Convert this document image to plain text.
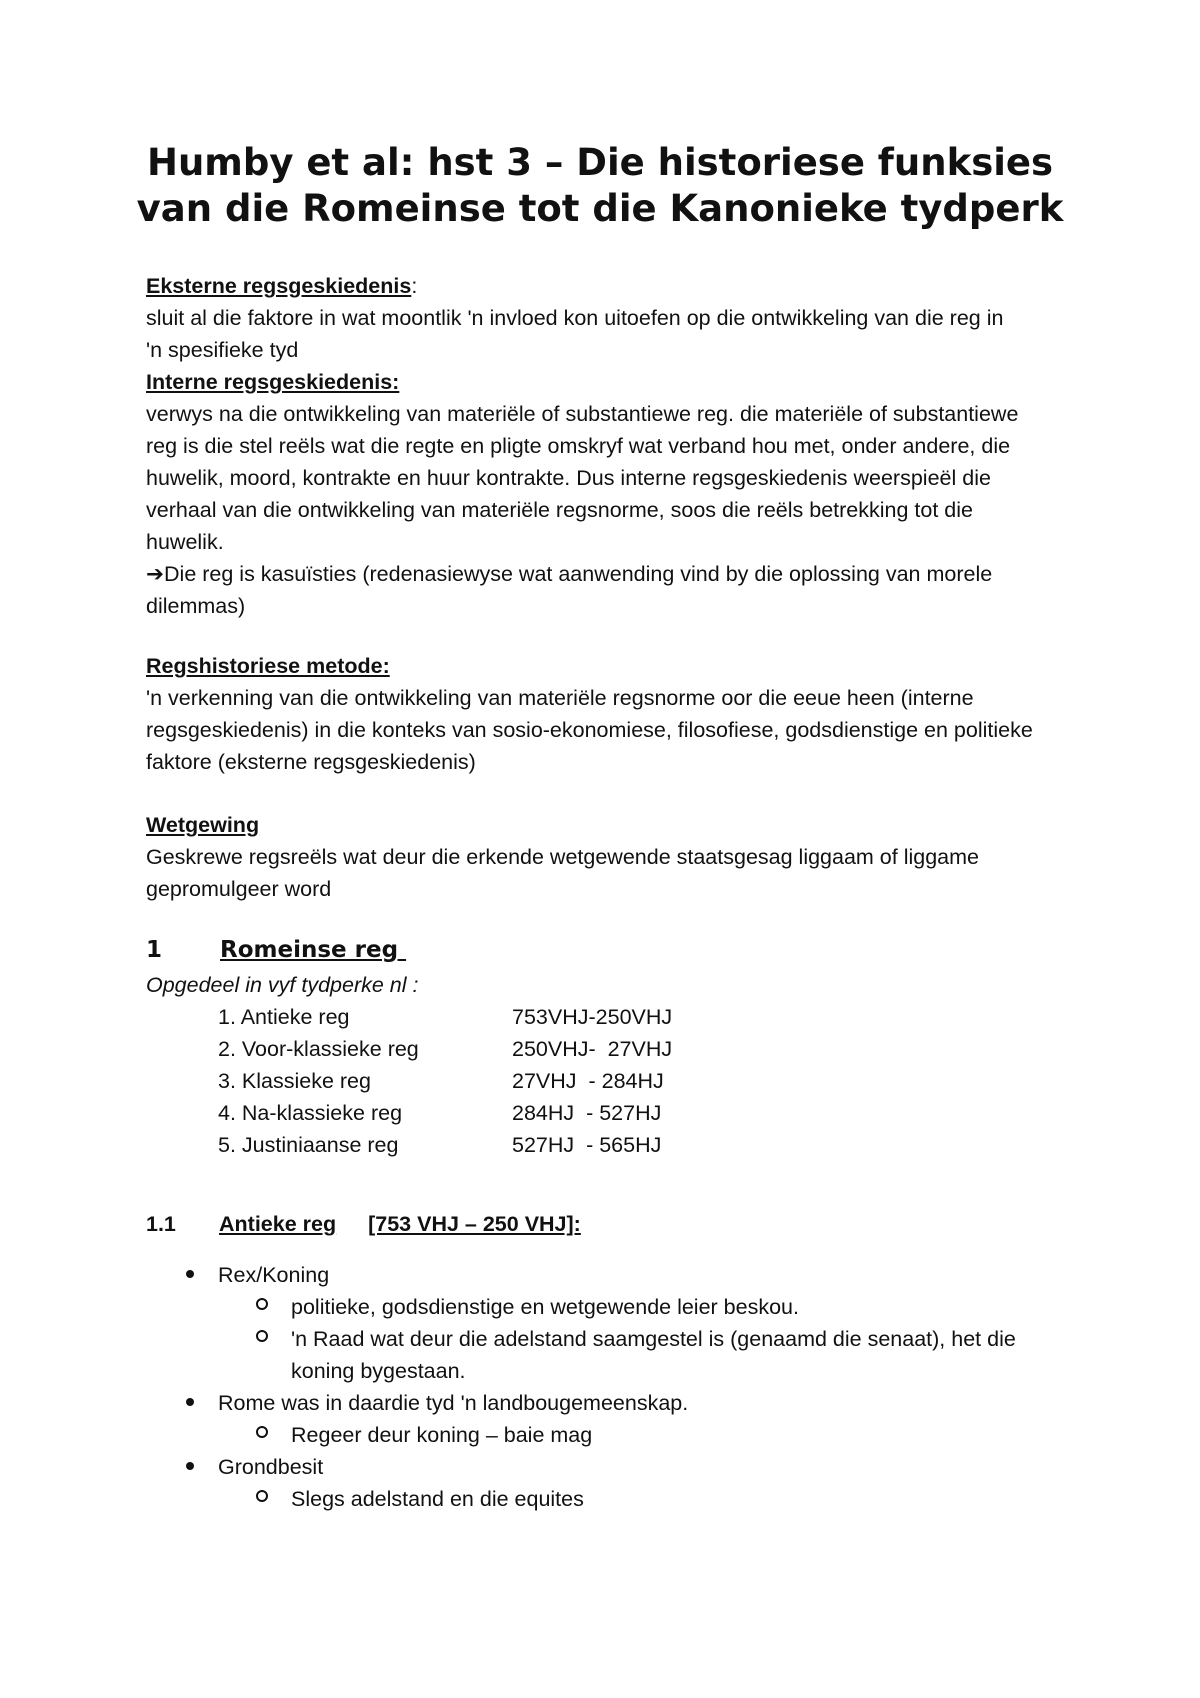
Humby et al: hst 3 – Die historiese funksies
van die Romeinse tot die Kanonieke tydperk
Eksterne regsgeskiedenis:
sluit al die faktore in wat moontlik 'n invloed kon uitoefen op die ontwikkeling van die reg in
'n spesifieke tyd
Interne regsgeskiedenis:
verwys na die ontwikkeling van materiële of substantiewe reg. die materiële of substantiewe
reg is die stel reëls wat die regte en pligte omskryf wat verband hou met, onder andere, die
huwelik, moord, kontrakte en huur kontrakte. Dus interne regsgeskiedenis weerspieël die
verhaal van die ontwikkeling van materiële regsnorme, soos die reëls betrekking tot die
huwelik.
➔Die reg is kasuïsties (redenasiewyse wat aanwending vind by die oplossing van morele
dilemmas)
Regshistoriese metode:
'n verkenning van die ontwikkeling van materiële regsnorme oor die eeue heen (interne
regsgeskiedenis) in die konteks van sosio-ekonomiese, filosofiese, godsdienstige en politieke
faktore (eksterne regsgeskiedenis)
Wetgewing
Geskrewe regsreëls wat deur die erkende wetgewende staatsgesag liggaam of liggame
gepromulgeer word
1	Romeinse reg
Opgedeel in vyf tydperke nl :
1. Antieke reg	753VHJ-250VHJ
2. Voor-klassieke reg	250VHJ-  27VHJ
3. Klassieke reg	27VHJ  - 284HJ
4. Na-klassieke reg	284HJ  - 527HJ
5. Justiniaanse reg	527HJ  - 565HJ
1.1 Antieke reg [753 VHJ – 250 VHJ]:
Rex/Koning
politieke, godsdienstige en wetgewende leier beskou.
'n Raad wat deur die adelstand saamgestel is (genaamd die senaat), het die
koning bygestaan.
Rome was in daardie tyd 'n landbougemeenskap.
Regeer deur koning – baie mag
Grondbesit
Slegs adelstand en die equites
